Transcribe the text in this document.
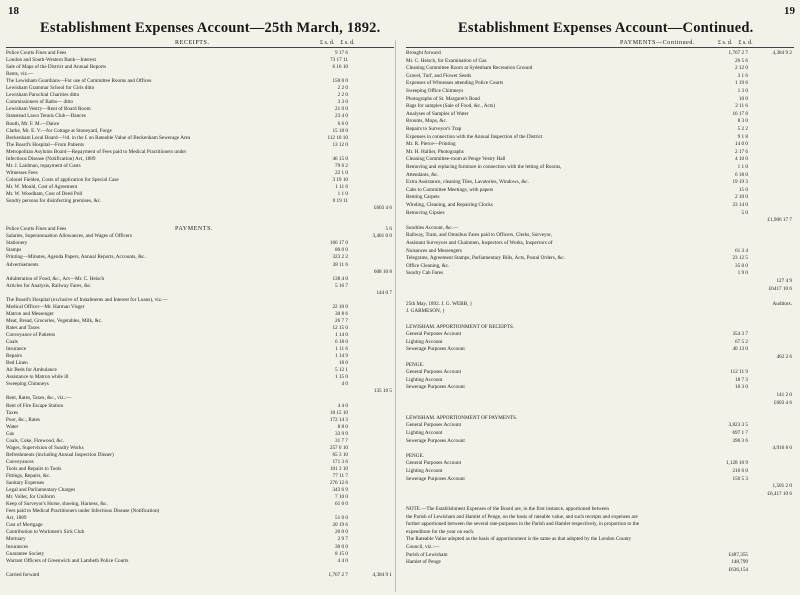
18
Establishment Expenses Account—25th March, 1892.
RECEIPTS.	£ s. d.    £ s. d.
PAYMENTS.
Police Courts Fines and Fees	9 17 6
London and South-Western Bank—Interest	73 17 11
Sale of Maps of the District and Annual Reports	6 16 10
Rents, viz.—
The Lewisham Guardians—For use of Committee Rooms and Offices	150 0 0
Lewisham Grammar School for Girls ditto	2 2 0
Lewisham Parochial Charities ditto	2 2 0
Commissioners of Baths— ditto	3 3 0
Lewisham Vestry—Rent of Board Room	21 0 0
Stanstead Lawn Tennis Club—Dances	23 4 0
Routh, Mr. F. M.—Dance	6 6 0
Clarke, Mr. E. V.—for Cottage at Stoneyard, Forge	15 18 0
Beckenham Local Board—½d. in the £ on Rateable Value of Beckenham Sewerage Area	112 10 10
The Board's Hospital—From Patients	13 12 0
Metropolitan Asylums Board—Repayment of Fees paid to Medical Practitioners under
Infectious Disease (Notification) Act, 1889	46 15 0
Mr. J. Laidman, repayment of Costs	79 6 2
Witnesses Fees	22 1 0
Colonel Fielden, Costs of application for Special Case	3 19 10
Mr. W. Mould, Cost of Agreement	1 11 6
Mr. W. Woodham, Cost of Deed Poll	1 1 0
Sundry persons for disinfecting premises, &c.	0 19 11
£603 4 6
Police Courts Fines and Fees	5 6
Salaries, Superannuation Allowances, and Wages of Officers	3,401 0 0
Stationery	166 17 0
Stamps	80 0 0
Printing—Minutes, Agenda Papers, Annual Reports, Accounts, &c.	323 2 2
Advertisements	38 11 6
608 10 8
Adulteration of Food, &c., Act—Mr. C. Heisch	138 4 0
Articles for Analysis, Railway Fares, &c.	5 16 7
144 0 7
The Board's Hospital (exclusive of Instalments and Interest for Loans), viz.—
Medical Officer—Mr. Harman Visger	22 10 0
Matron and Messenger	30 8 6
Meat, Bread, Groceries, Vegetables, Milk, &c.	26 7 7
Rates and Taxes	12 15 0
Conveyance of Patients	1 14 0
Coals	6 18 0
Insurance	1 11 6
Repairs	1 14 9
Bed Linen	18 0
Air Beds for Ambulance	5 12 1
Assistance to Matron while ill	1 15 0
Sweeping Chimneys	4 0
135 10 5
Rent, Rates, Taxes, &c., viz.:—
Rent of Fire Escape Station	4 4 0
Taxes	18 15 10
Poor, &c., Rates	172 14 3
Water	8 8 0
Gas	33 9 9
Coals, Coke, Firewood, &c.	31 7 7
Wages, Supervision of Sundry Works	257 0 10
Refreshments (including Annual Inspection Dinner)	65 3 10
Conveyances	171 3 6
Tools and Repairs to Tools	101 3 10
Fittings, Repairs, &c.	77 11 7
Sanitary Expenses	276 12 6
Legal and Parliamentary Charges	343 6 9
Mr. Voller, for Uniform	7 10 0
Keep of Surveyor's Horse, shoeing, Harness, &c.	61 0 0
Fees paid to Medical Practitioners under Infectious Disease (Notification)
Act, 1889	51 0 0
Cost of Mortgage	20 19 6
Contribution to Workmen's Sick Club	20 0 0
Mortuary	2 9 7
Insurances	30 0 0
Guarantee Society	8 15 0
Warrant Officers of Greenwich and Lambeth Police Courts	4 4 0
Carried forward	1,767 2 7	4,384 9 1
19
Establishment Expenses Account—Continued.
PAYMENTS—Continued.	£ s. d.    £ s. d.
Brought forward	1,767 2 7	4,384 9 2
Mr. C. Heisch, for Examination of Gas	26 5 6
Cleaning Committee Room at Sydenham Recreation Ground	2 12 0
Gravel, Turf, and Flower Seeds	3 1 6
Expenses of Witnesses attending Police Courts	1 19 6
Sweeping Office Chimneys	1 3 0
Photographs of St. Margaret's Road	10 0
Bags for samples (Sale of Food, &c., Acts)	2 11 6
Analyses of Samples of Water	16 17 8
Brooms, Mops, &c.	8 3 0
Repairs to Surveyor's Trap	5 2 2
Expenses in connection with the Annual Inspection of the District	9 1 8
Mr. R. Pierce—Printing	14 0 0
Mr. H. Hallier, Photographs	2 17 6
Cleaning Committee-room at Penge Vestry Hall	4 10 0
Removing and replacing furniture in connection with the letting of Rooms,	1 1 0
Attendants, &c.	6 18 0
Extra Assistance, cleaning Tiles, Lavatories, Windows, &c.	19 19 3
Cabs to Committee Meetings, with papers	15 0
Renting Carpets	2 10 0
Winding, Cleaning, and Repairing Clocks	23 14 0
Removing Gipsies	5 0
£1,906 17 7
Sundries Account, &c.—
Railway, Tram, and Omnibus Fares paid to Officers, Clerks, Surveyor,
Assistant Surveyors and Chainmen, Inspectors of Works, Inspectors of
Nuisances and Messengers	61 3 4
Telegrams, Agreement Stamps, Parliamentary Bills, Acts, Postal Orders, &c.	23 12 5
Office Cleaning, &c.	35 0 0
Sundry Cab Fares	1 9 0
127 4 9
£6417 10 6
25th May, 1892. J. G. WEBB, }	Auditors.
J. GARMESON, }
LEWISHAM. APPORTIONMENT OF RECEIPTS.
General Purposes Account	354 3 7
Lighting Account	67 5 2
Sewerage Purposes Account	40 13 0
462 2 6
PENGE.
General Purposes Account	112 11 9
Lighting Account	18 7 3
Sewerage Purposes Account	10 3 0
141 2 0
£603 4 6
LEWISHAM. APPORTIONMENT OF PAYMENTS.
General Purposes Account	3,823 3 5
Lighting Account	697 1 7
Sewerage Purposes Account	396 3 6
4,916 8 6
PENGE.
General Purposes Account	1,128 10 9
Lighting Account	216 6 0
Sewerage Purposes Account	156 5 3
1,501 2 0
£6,417 10 6
NOTE.—The Establishment Expenses of the Board are, in the first instance, apportioned between
the Parish of Lewisham and Hamlet of Penge, on the basis of rateable value, and such receipts and expenses are
further apportioned between the several rate-purposes in the Parish and Hamlet respectively, in proportion to the
expenditure for the year on each.
The Rateable Value adopted as the basis of apportionment is the same as that adopted by the London County
Council, viz.:—
Parish of Lewisham	£487,355
Hamlet of Penge	148,799
£636,154
